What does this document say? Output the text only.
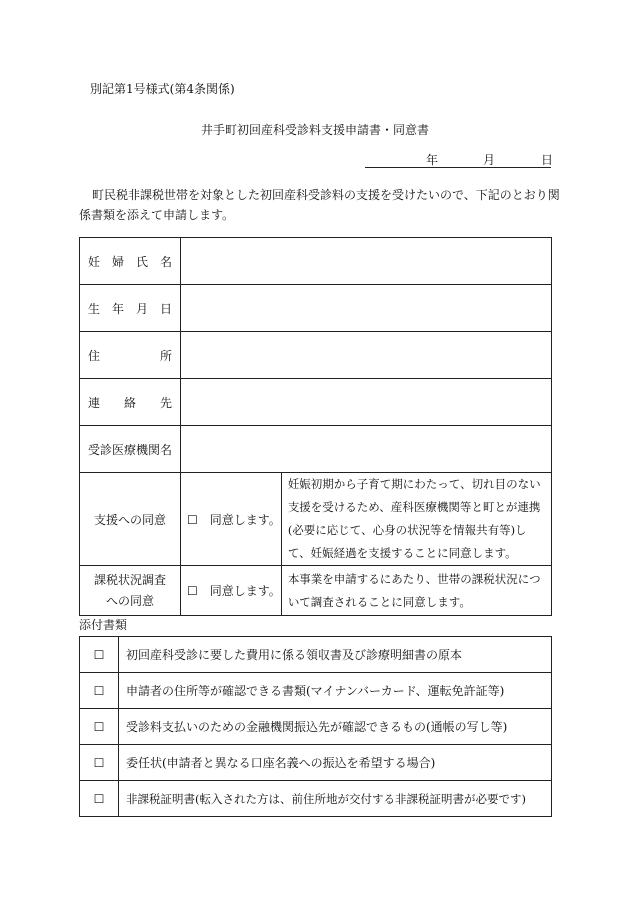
別記第1号様式(第4条関係)
井手町初回産科受診料支援申請書・同意書
年	月	日
町民税非課税世帯を対象とした初回産科受診料の支援を受けたいので、下記のとおり関
係書類を添えて申請します。
妊 婦 氏 名		

生 年 月 日		

住 所		

連 絡 先		

受診医療機関名		
支援への同意	☐　同意します。	妊娠初期から子育て期にわたって、切れ目のない支援を受けるため、産科医療機関等と町とが連携(必要に応じて、心身の状況等を情報共有等)して、妊娠経過を支援することに同意します。

課税状況調査
への同意	☐　同意します。	本事業を申請するにあたり、世帯の課税状況について調査されることに同意します。
添付書類
☐	初回産科受診に要した費用に係る領収書及び診療明細書の原本
☐	申請者の住所等が確認できる書類(マイナンバーカード、運転免許証等)
☐	受診料支払いのための金融機関振込先が確認できるもの(通帳の写し等)
☐	委任状(申請者と異なる口座名義への振込を希望する場合)
☐	非課税証明書(転入された方は、前住所地が交付する非課税証明書が必要です)
